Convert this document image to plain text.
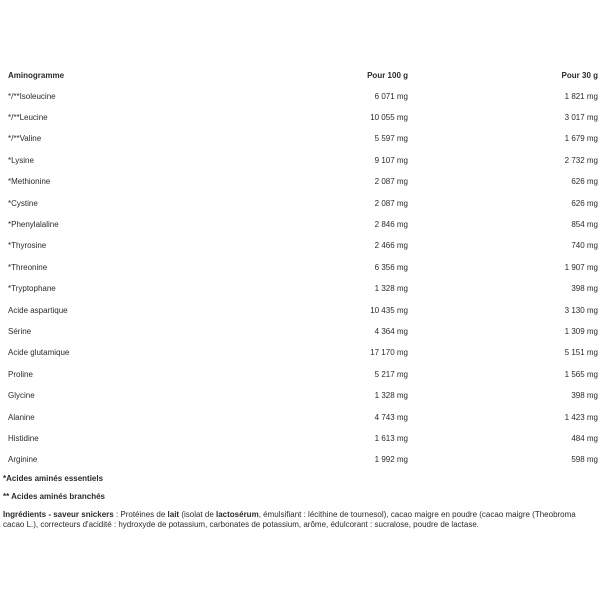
Aminogramme	Pour 100 g	Pour 30 g
*/**Isoleucine	6 071 mg	1 821 mg
*/**Leucine	10 055 mg	3 017 mg
*/**Valine	5 597 mg	1 679 mg
*Lysine	9 107 mg	2 732 mg
*Methionine	2 087 mg	626 mg
*Cystine	2 087 mg	626 mg
*Phenylalaline	2 846 mg	854 mg
*Thyrosine	2 466 mg	740 mg
*Threonine	6 356 mg	1 907 mg
*Tryptophane	1 328 mg	398 mg
Acide aspartique	10 435 mg	3 130 mg
Sérine	4 364 mg	1 309 mg
Acide glutamique	17 170 mg	5 151 mg
Proline	5 217 mg	1 565 mg
Glycine	1 328 mg	398 mg
Alanine	4 743 mg	1 423 mg
Histidine	1 613 mg	484 mg
Arginine	1 992 mg	598 mg
*Acides aminés essentiels
** Acides aminés branchés
Ingrédients - saveur snickers : Protéines de lait (isolat de lactosérum, émulsifiant : lécithine de tournesol), cacao maigre en poudre (cacao maigre (Theobroma cacao L.), correcteurs d'acidité : hydroxyde de potassium, carbonates de potassium, arôme, édulcorant : sucralose, poudre de lactase.
